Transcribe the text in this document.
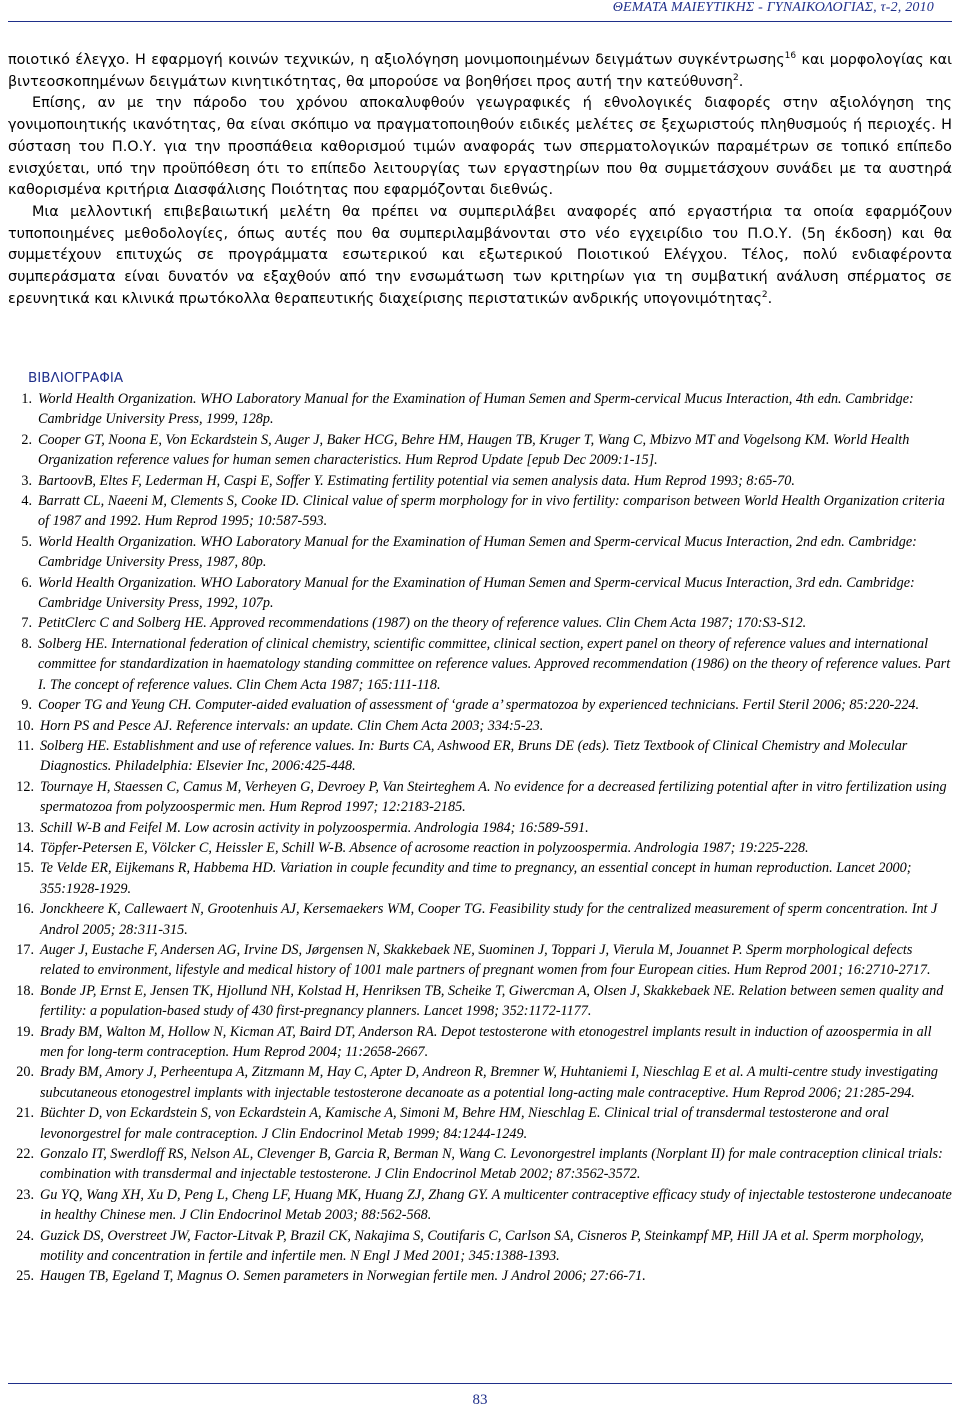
ΘΕΜΑΤΑ ΜΑΙΕΥΤΙΚΗΣ - ΓΥΝΑΙΚΟΛΟΓΙΑΣ, τ-2, 2010

ποιοτικό έλεγχο. Η εφαρμογή κοινών τεχνικών, η αξιολόγηση μονιμοποιημένων δειγμάτων συγκέντρωσης$^{16}$ και μορφολογίας και βιντεοσκοπημένων δειγμάτων κινητικότητας, θα μπορούσε να βοηθήσει προς αυτή την κατεύθυνση$^2$.

Επίσης, αν με την πάροδο του χρόνου αποκαλυφθούν γεωγραφικές ή εθνολογικές διαφορές στην αξιολόγηση της γονιμοποιητικής ικανότητας, θα είναι σκόπιμο να πραγματοποιηθούν ειδικές μελέτες σε ξεχωριστούς πληθυσμούς ή περιοχές. Η σύσταση του Π.Ο.Υ. για την προσπάθεια καθορισμού τιμών αναφοράς των σπερματολογικών παραμέτρων σε τοπικό επίπεδο ενισχύεται, υπό την προϋπόθεση ότι το επίπεδο λειτουργίας των εργαστηρίων που θα συμμετάσχουν συνάδει με τα αυστηρά καθορισμένα κριτήρια Διασφάλισης Ποιότητας που εφαρμόζονται διεθνώς.

Μια μελλοντική επιβεβαιωτική μελέτη θα πρέπει να συμπεριλάβει αναφορές από εργαστήρια τα οποία εφαρμόζουν τυποποιημένες μεθοδολογίες, όπως αυτές που θα συμπεριλαμβάνονται στο νέο εγχειρίδιο του Π.Ο.Υ. (5η έκδοση) και θα συμμετέχουν επιτυχώς σε προγράμματα εσωτερικού και εξωτερικού Ποιοτικού Ελέγχου. Τέλος, πολύ ενδιαφέροντα συμπεράσματα είναι δυνατόν να εξαχθούν από την ενσωμάτωση των κριτηρίων για τη συμβατική ανάλυση σπέρματος σε ερευνητικά και κλινικά πρωτόκολλα θεραπευτικής διαχείρισης περιστατικών ανδρικής υπογονιμότητας$^2$.

ΒΙΒΛΙΟΓΡΑΦΙΑ
1. World Health Organization. WHO Laboratory Manual for the Examination of Human Semen and Sperm-cervical Mucus Interaction, 4th edn. Cambridge: Cambridge University Press, 1999, 128p.
2. Cooper GT, Noona E, Von Eckardstein S, Auger J, Baker HCG, Behre HM, Haugen TB, Kruger T, Wang C, Mbizvo MT and Vogelsong KM. World Health Organization reference values for human semen characteristics. Hum Reprod Update [epub Dec 2009:1-15].
3. BartoovB, Eltes F, Lederman H, Caspi E, Soffer Y. Estimating fertility potential via semen analysis data. Hum Reprod 1993; 8:65-70.
4. Barratt CL, Naeeni M, Clements S, Cooke ID. Clinical value of sperm morphology for in vivo fertility: comparison between World Health Organization criteria of 1987 and 1992. Hum Reprod 1995; 10:587-593.
5. World Health Organization. WHO Laboratory Manual for the Examination of Human Semen and Sperm-cervical Mucus Interaction, 2nd edn. Cambridge: Cambridge University Press, 1987, 80p.
6. World Health Organization. WHO Laboratory Manual for the Examination of Human Semen and Sperm-cervical Mucus Interaction, 3rd edn. Cambridge: Cambridge University Press, 1992, 107p.
7. PetitClerc C and Solberg HE. Approved recommendations (1987) on the theory of reference values. Clin Chem Acta 1987; 170:S3-S12.
8. Solberg HE. International federation of clinical chemistry, scientific committee, clinical section, expert panel on theory of reference values and international committee for standardization in haematology standing committee on reference values. Approved recommendation (1986) on the theory of reference values. Part I. The concept of reference values. Clin Chem Acta 1987; 165:111-118.
9. Cooper TG and Yeung CH. Computer-aided evaluation of assessment of ‘grade a’ spermatozoa by experienced technicians. Fertil Steril 2006; 85:220-224.
10. Horn PS and Pesce AJ. Reference intervals: an update. Clin Chem Acta 2003; 334:5-23.
11. Solberg HE. Establishment and use of reference values. In: Burts CA, Ashwood ER, Bruns DE (eds). Tietz Textbook of Clinical Chemistry and Molecular Diagnostics. Philadelphia: Elsevier Inc, 2006:425-448.
12. Tournaye H, Staessen C, Camus M, Verheyen G, Devroey P, Van Steirteghem A. No evidence for a decreased fertilizing potential after in vitro fertilization using spermatozoa from polyzoospermic men. Hum Reprod 1997; 12:2183-2185.
13. Schill W-B and Feifel M. Low acrosin activity in polyzoospermia. Andrologia 1984; 16:589-591.
14. Töpfer-Petersen E, Völcker C, Heissler E, Schill W-B. Absence of acrosome reaction in polyzoospermia. Andrologia 1987; 19:225-228.
15. Te Velde ER, Eijkemans R, Habbema HD. Variation in couple fecundity and time to pregnancy, an essential concept in human reproduction. Lancet 2000; 355:1928-1929.
16. Jonckheere K, Callewaert N, Grootenhuis AJ, Kersemaekers WM, Cooper TG. Feasibility study for the centralized measurement of sperm concentration. Int J Androl 2005; 28:311-315.
17. Auger J, Eustache F, Andersen AG, Irvine DS, Jørgensen N, Skakkebaek NE, Suominen J, Toppari J, Vierula M, Jouannet P. Sperm morphological defects related to environment, lifestyle and medical history of 1001 male partners of pregnant women from four European cities. Hum Reprod 2001; 16:2710-2717.
18. Bonde JP, Ernst E, Jensen TK, Hjollund NH, Kolstad H, Henriksen TB, Scheike T, Giwercman A, Olsen J, Skakkebaek NE. Relation between semen quality and fertility: a population-based study of 430 first-pregnancy planners. Lancet 1998; 352:1172-1177.
19. Brady BM, Walton M, Hollow N, Kicman AT, Baird DT, Anderson RA. Depot testosterone with etonogestrel implants result in induction of azoospermia in all men for long-term contraception. Hum Reprod 2004; 11:2658-2667.
20. Brady BM, Amory J, Perheentupa A, Zitzmann M, Hay C, Apter D, Andreon R, Bremner W, Huhtaniemi I, Nieschlag E et al. A multi-centre study investigating subcutaneous etonogestrel implants with injectable testosterone decanoate as a potential long-acting male contraceptive. Hum Reprod 2006; 21:285-294.
21. Büchter D, von Eckardstein S, von Eckardstein A, Kamische A, Simoni M, Behre HM, Nieschlag E. Clinical trial of transdermal testosterone and oral levonorgestrel for male contraception. J Clin Endocrinol Metab 1999; 84:1244-1249.
22. Gonzalo IT, Swerdloff RS, Nelson AL, Clevenger B, Garcia R, Berman N, Wang C. Levonorgestrel implants (Norplant II) for male contraception clinical trials: combination with transdermal and injectable testosterone. J Clin Endocrinol Metab 2002; 87:3562-3572.
23. Gu YQ, Wang XH, Xu D, Peng L, Cheng LF, Huang MK, Huang ZJ, Zhang GY. A multicenter contraceptive efficacy study of injectable testosterone undecanoate in healthy Chinese men. J Clin Endocrinol Metab 2003; 88:562-568.
24. Guzick DS, Overstreet JW, Factor-Litvak P, Brazil CK, Nakajima S, Coutifaris C, Carlson SA, Cisneros P, Steinkampf MP, Hill JA et al. Sperm morphology, motility and concentration in fertile and infertile men. N Engl J Med 2001; 345:1388-1393.
25. Haugen TB, Egeland T, Magnus O. Semen parameters in Norwegian fertile men. J Androl 2006; 27:66-71.
83
